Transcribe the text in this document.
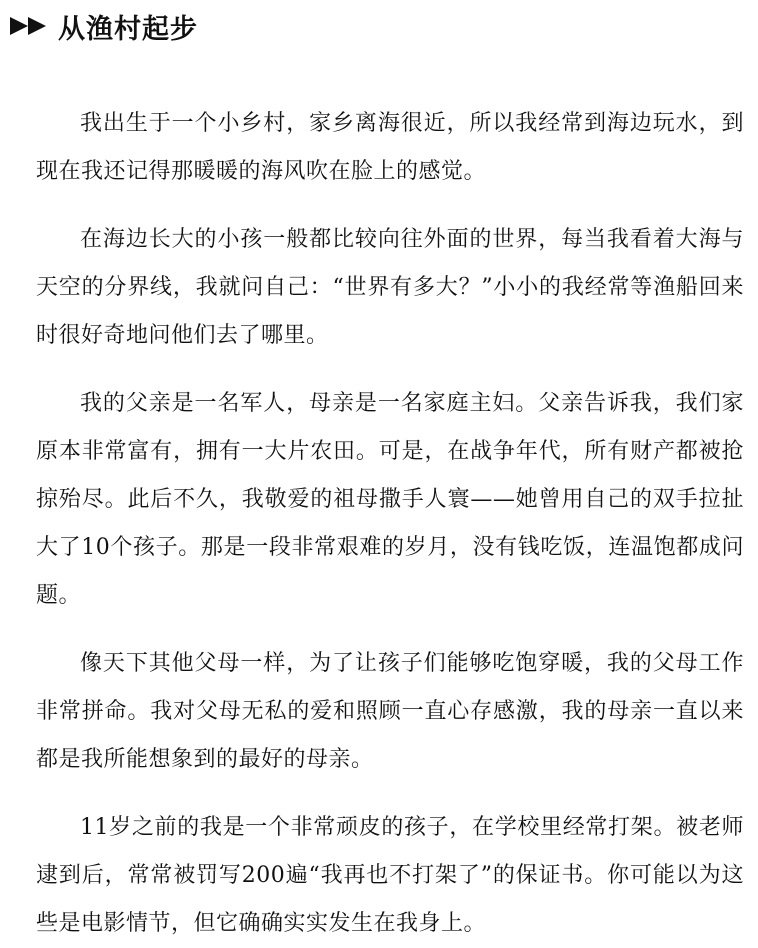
从渔村起步

我出生于一个小乡村，家乡离海很近，所以我经常到海边玩水，到现在我还记得那暖暖的海风吹在脸上的感觉。

在海边长大的小孩一般都比较向往外面的世界，每当我看着大海与天空的分界线，我就问自己：“世界有多大？”小小的我经常等渔船回来时很好奇地问他们去了哪里。

我的父亲是一名军人，母亲是一名家庭主妇。父亲告诉我，我们家原本非常富有，拥有一大片农田。可是，在战争年代，所有财产都被抢掠殆尽。此后不久，我敬爱的祖母撒手人寰——她曾用自己的双手拉扯大了10个孩子。那是一段非常艰难的岁月，没有钱吃饭，连温饱都成问题。

像天下其他父母一样，为了让孩子们能够吃饱穿暖，我的父母工作非常拼命。我对父母无私的爱和照顾一直心存感激，我的母亲一直以来都是我所能想象到的最好的母亲。

11岁之前的我是一个非常顽皮的孩子，在学校里经常打架。被老师逮到后，常常被罚写200遍“我再也不打架了”的保证书。你可能以为这些是电影情节，但它确确实实发生在我身上。
